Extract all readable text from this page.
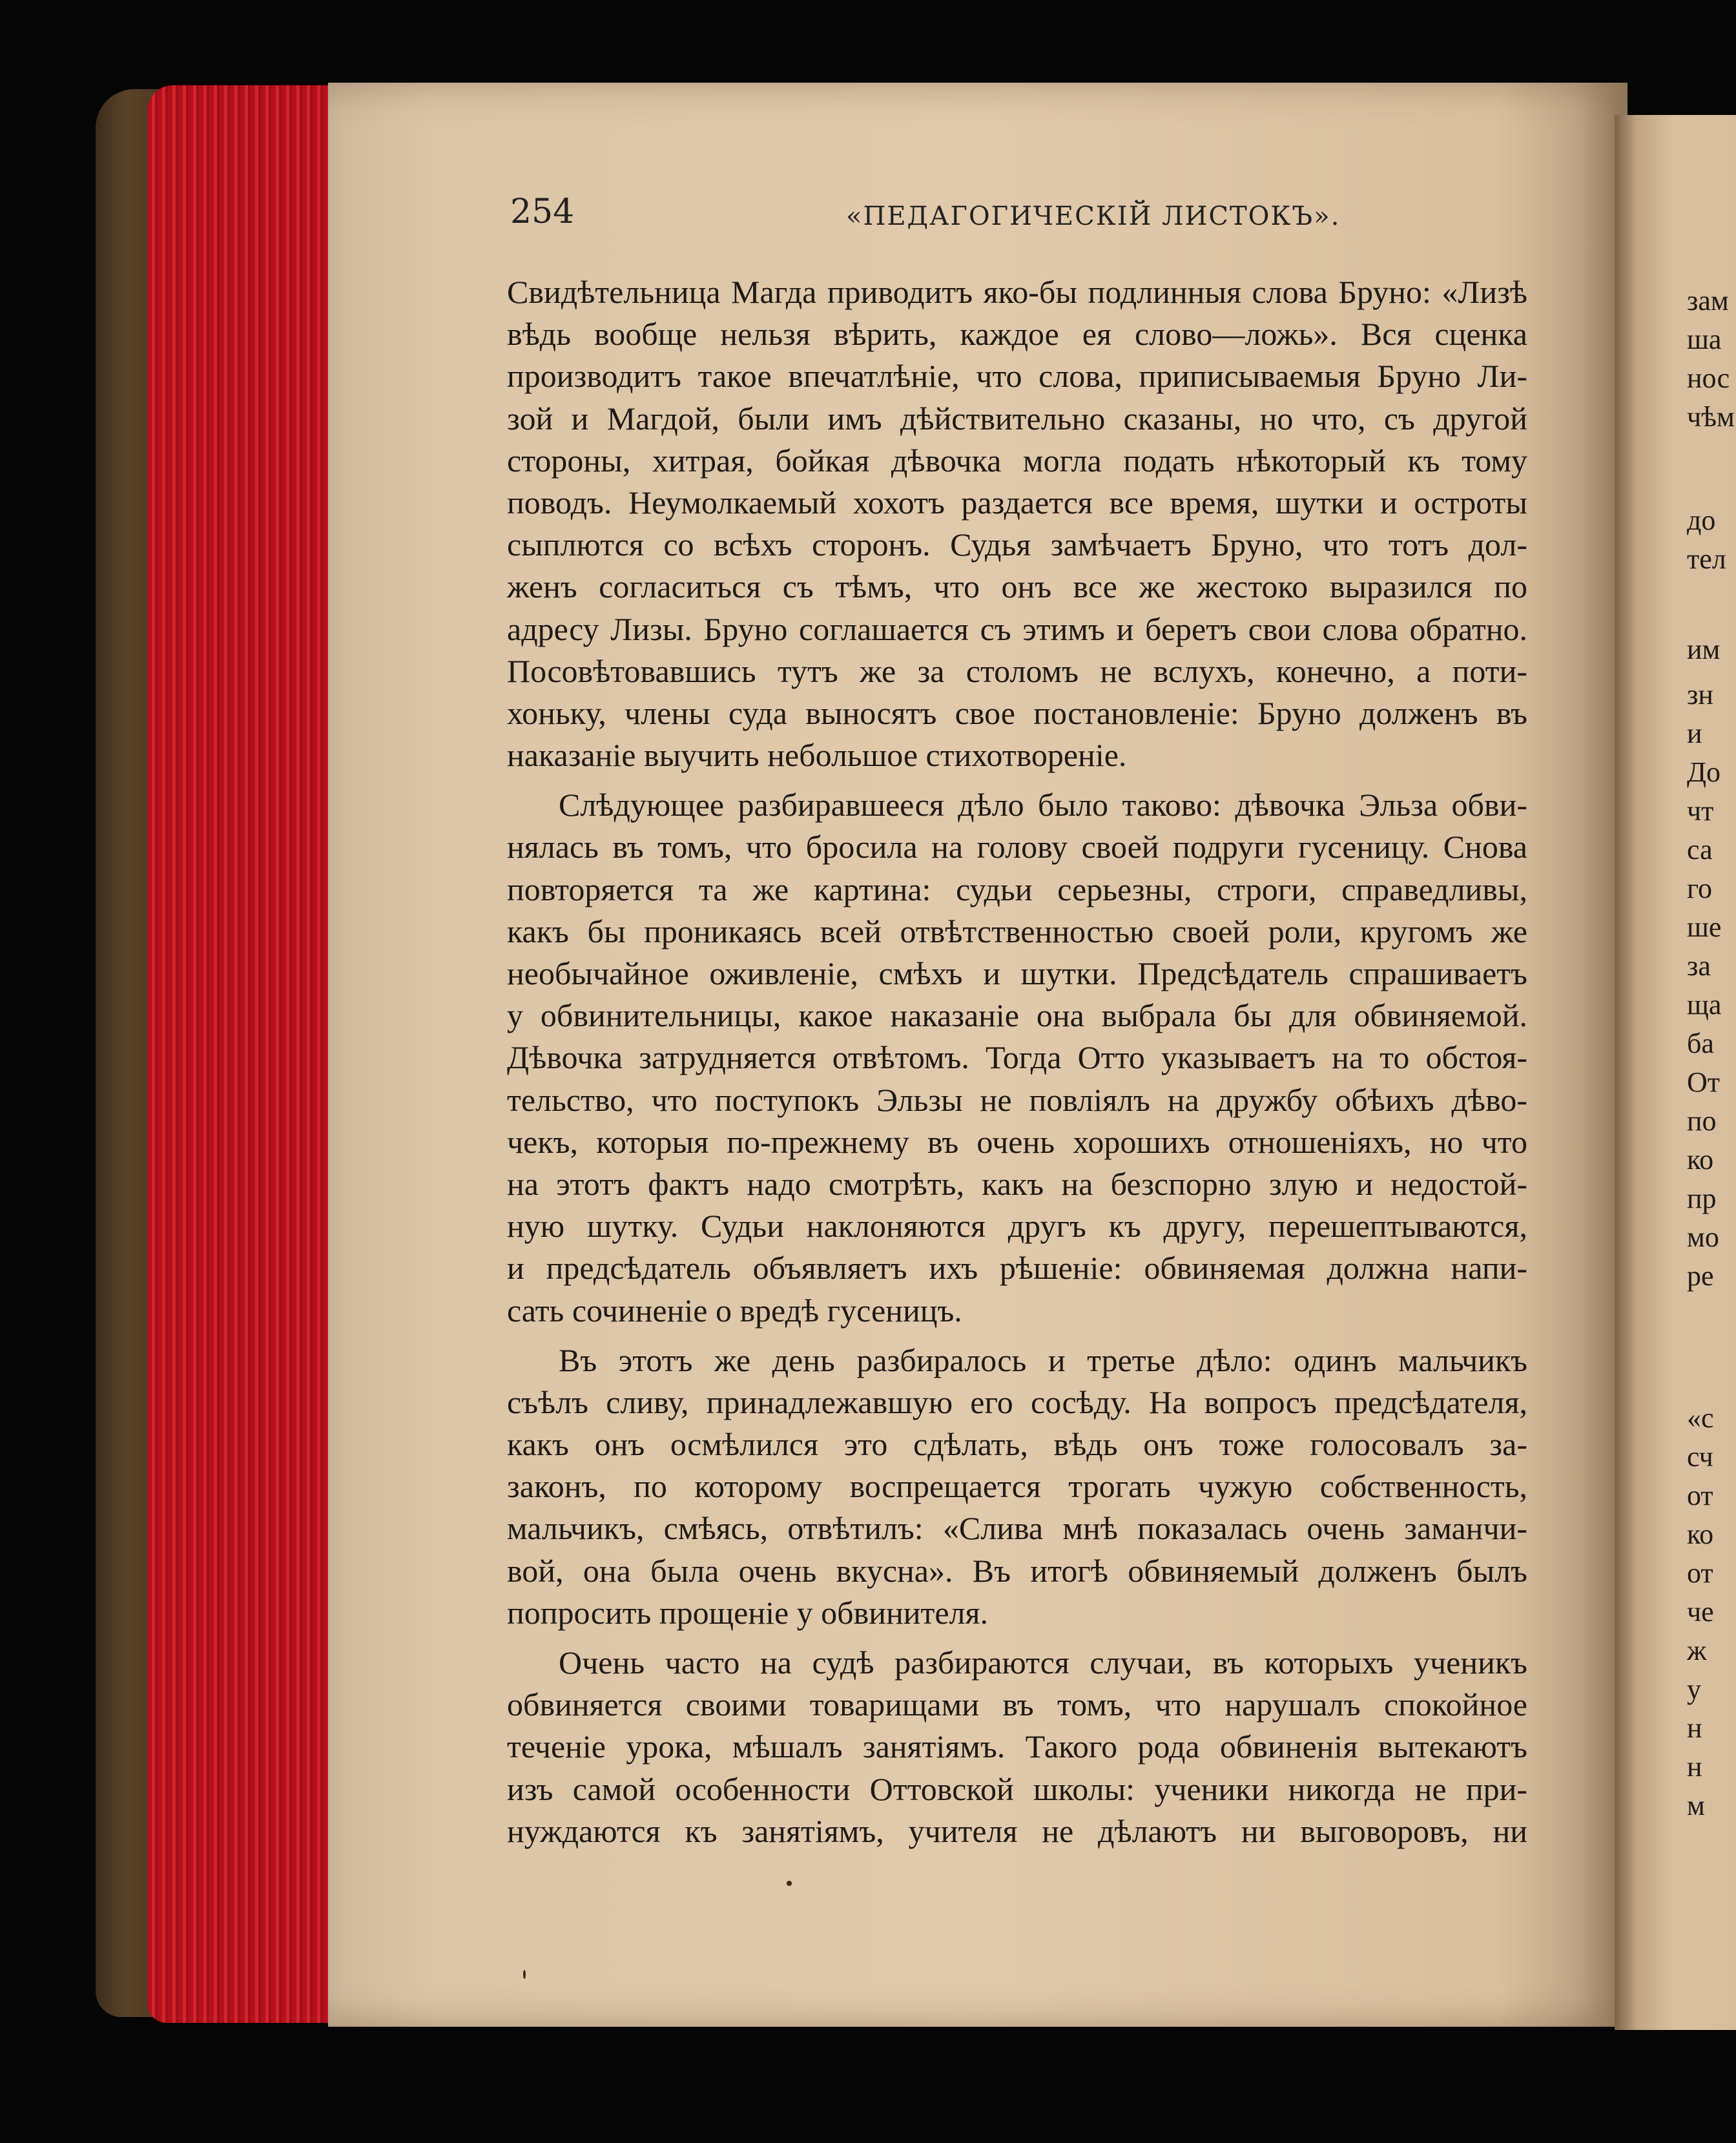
254	«ПЕДАГОГИЧЕСКІЙ ЛИСТОКЪ».
Свидѣтельница Магда приводитъ яко-бы подлинныя слова Бруно: «Лизѣ
вѣдь вообще нельзя вѣрить, каждое ея слово—ложь». Вся сценка
производитъ такое впечатлѣніе, что слова, приписываемыя Бруно Ли-
зой и Магдой, были имъ дѣйствительно сказаны, но что, съ другой
стороны, хитрая, бойкая дѣвочка могла подать нѣкоторый къ тому
поводъ. Неумолкаемый хохотъ раздается все время, шутки и остроты
сыплются со всѣхъ сторонъ. Судья замѣчаетъ Бруно, что тотъ дол-
женъ согласиться съ тѣмъ, что онъ все же жестоко выразился по
адресу Лизы. Бруно соглашается съ этимъ и беретъ свои слова обратно.
Посовѣтовавшись тутъ же за столомъ не вслухъ, конечно, а поти-
хоньку, члены суда выносятъ свое постановленіе: Бруно долженъ въ
наказаніе выучить небольшое стихотвореніе.
Слѣдующее разбиравшееся дѣло было таково: дѣвочка Эльза обви-
нялась въ томъ, что бросила на голову своей подруги гусеницу. Снова
повторяется та же картина: судьи серьезны, строги, справедливы,
какъ бы проникаясь всей отвѣтственностью своей роли, кругомъ же
необычайное оживленіе, смѣхъ и шутки. Предсѣдатель спрашиваетъ
у обвинительницы, какое наказаніе она выбрала бы для обвиняемой.
Дѣвочка затрудняется отвѣтомъ. Тогда Отто указываетъ на то обстоя-
тельство, что поступокъ Эльзы не повліялъ на дружбу обѣихъ дѣво-
чекъ, которыя по-прежнему въ очень хорошихъ отношеніяхъ, но что
на этотъ фактъ надо смотрѣть, какъ на безспорно злую и недостой-
ную шутку. Судьи наклоняются другъ къ другу, перешептываются,
и предсѣдатель объявляетъ ихъ рѣшеніе: обвиняемая должна напи-
сать сочиненіе о вредѣ гусеницъ.
Въ этотъ же день разбиралось и третье дѣло: одинъ мальчикъ
съѣлъ сливу, принадлежавшую его сосѣду. На вопросъ предсѣдателя,
какъ онъ осмѣлился это сдѣлать, вѣдь онъ тоже голосовалъ за-
законъ, по которому воспрещается трогать чужую собственность,
мальчикъ, смѣясь, отвѣтилъ: «Слива мнѣ показалась очень заманчи-
вой, она была очень вкусна». Въ итогѣ обвиняемый долженъ былъ
попросить прощеніе у обвинителя.
Очень часто на судѣ разбираются случаи, въ которыхъ ученикъ
обвиняется своими товарищами въ томъ, что нарушалъ спокойное
теченіе урока, мѣшалъ занятіямъ. Такого рода обвиненія вытекаютъ
изъ самой особенности Оттовской школы: ученики никогда не при-
нуждаются къ занятіямъ, учителя не дѣлаютъ ни выговоровъ, ни
зам
ша
нос
чѣм
до
тел
им
зн
и
До
чт
са
го
ше
за
ща
ба
От
по
ко
пр
мо
ре
«с
сч
от
ко
от
че
ж
у
н
н
м
